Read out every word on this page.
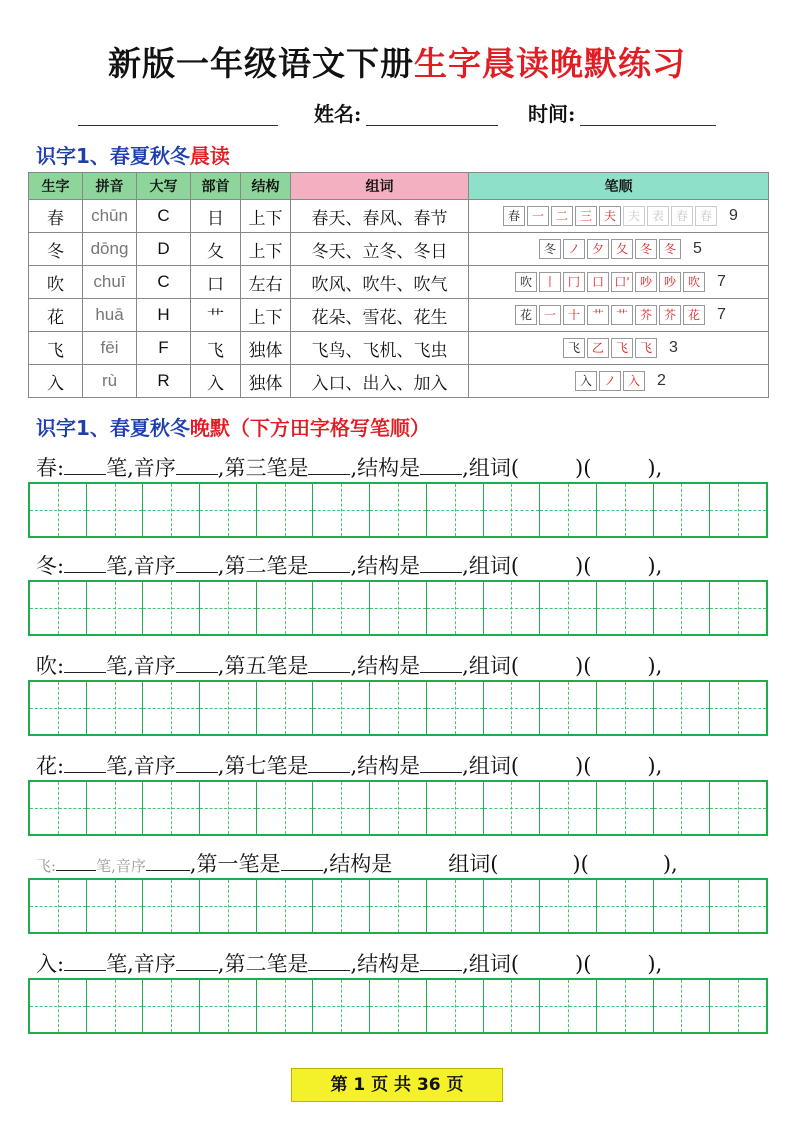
新版一年级语文下册生字晨读晚默练习
姓名:	时间:
识字1、春夏秋冬晨读
生字	拼音	大写	部首	结构	组词	笔顺
春	chūn	C	日	上下	春天、春风、春节	春 一 二 三 夫 夫 表 春 春 9
冬	dōng	D	夂	上下	冬天、立冬、冬日	冬 ノ 夕 夂 冬 冬 5
吹	chuī	C	口	左右	吹风、吹牛、吹气	吹 丨 冂 口 口' 吵 吵 吹 7
花	huā	H	艹	上下	花朵、雪花、花生	花 一 十 艹 艹 芥 芥 花 7
飞	fēi	F	飞	独体	飞鸟、飞机、飞虫	飞 乙 飞 飞 3
入	rù	R	入	独体	入口、出入、加入	入 ノ 入 2
识字1、春夏秋冬晚默（下方田字格写笔顺）
春: 笔,音序 ,第三笔是 ,结构是 ,组词(	)(	),
冬: 笔,音序 ,第二笔是 ,结构是 ,组词(	)(	),
吹: 笔,音序 ,第五笔是 ,结构是 ,组词(	)(	),
花: 笔,音序 ,第七笔是 ,结构是 ,组词(	)(	),
飞:	笔,音序 ,第一笔是 ,结构是	组词(	)(	),
入: 笔,音序 ,第二笔是 ,结构是 ,组词(	)(	),
第 1 页 共 36 页
